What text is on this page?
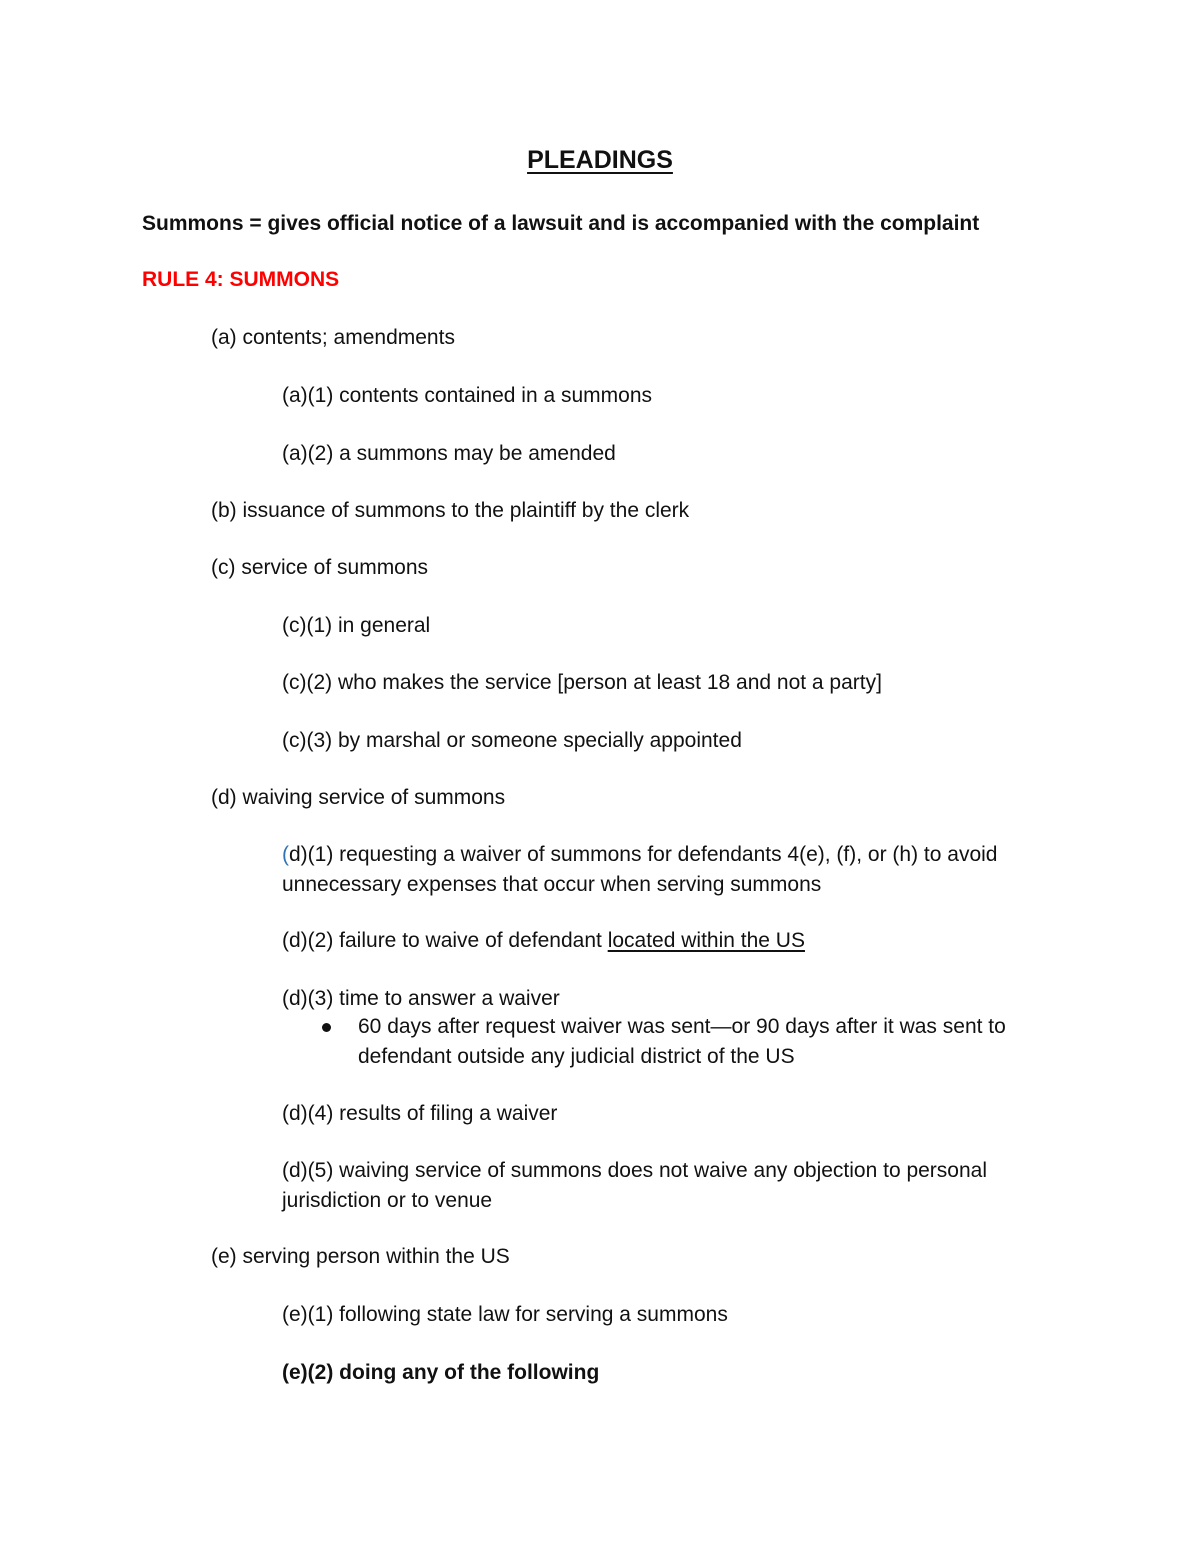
PLEADINGS
Summons = gives official notice of a lawsuit and is accompanied with the complaint
RULE 4: SUMMONS
(a) contents; amendments
(a)(1) contents contained in a summons
(a)(2) a summons may be amended
(b) issuance of summons to the plaintiff by the clerk
(c) service of summons
(c)(1) in general
(c)(2) who makes the service [person at least 18 and not a party]
(c)(3) by marshal or someone specially appointed
(d) waiving service of summons
(d)(1) requesting a waiver of summons for defendants 4(e), (f), or (h) to avoid
unnecessary expenses that occur when serving summons
(d)(2) failure to waive of defendant located within the US
(d)(3) time to answer a waiver
60 days after request waiver was sent—or 90 days after it was sent to
defendant outside any judicial district of the US
(d)(4) results of filing a waiver
(d)(5) waiving service of summons does not waive any objection to personal
jurisdiction or to venue
(e) serving person within the US
(e)(1) following state law for serving a summons
(e)(2) doing any of the following
